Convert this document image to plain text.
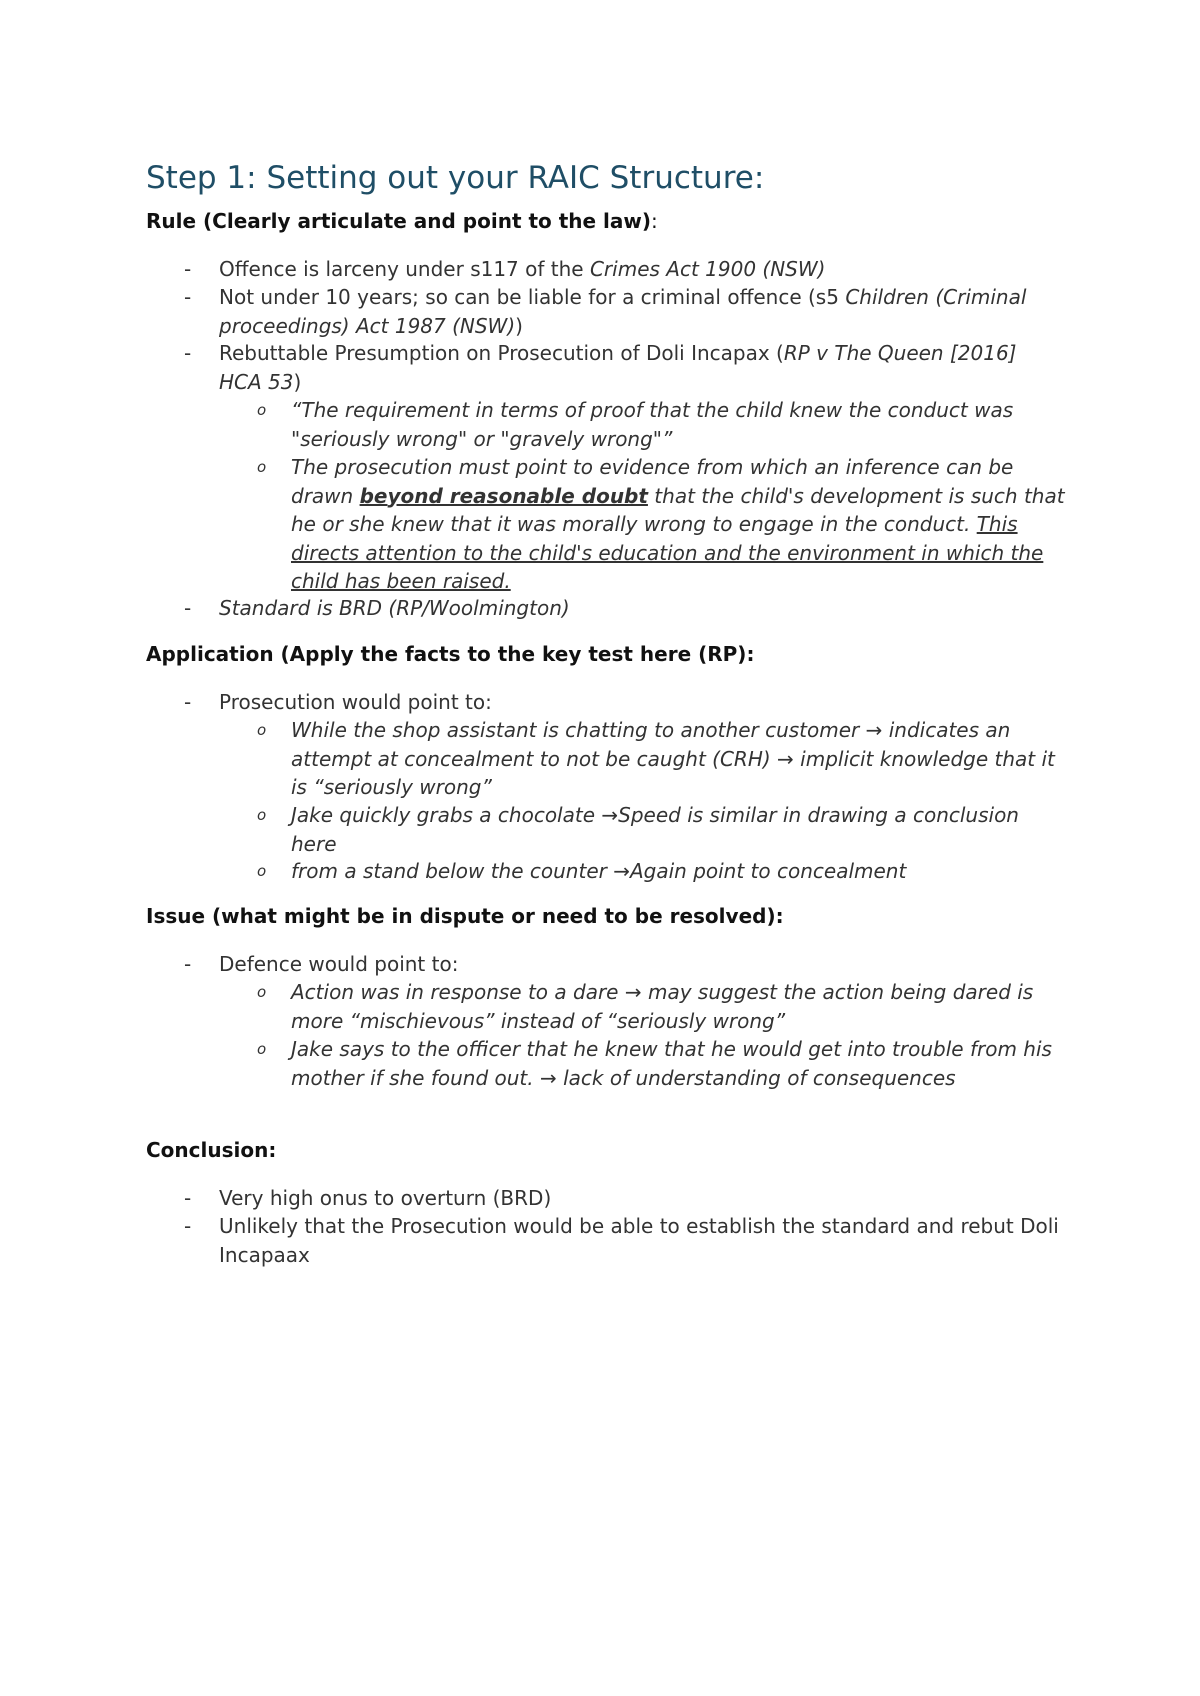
Step 1: Setting out your RAIC Structure:

Rule (Clearly articulate and point to the law):

-	Offence is larceny under s117 of the Crimes Act 1900 (NSW)
-	Not under 10 years; so can be liable for a criminal offence (s5 Children (Criminal proceedings) Act 1987 (NSW))
-	Rebuttable Presumption on Prosecution of Doli Incapax (RP v The Queen [2016] HCA 53)
o	“The requirement in terms of proof that the child knew the conduct was "seriously wrong" or "gravely wrong"”
o	The prosecution must point to evidence from which an inference can be drawn beyond reasonable doubt that the child's development is such that he or she knew that it was morally wrong to engage in the conduct. This directs attention to the child's education and the environment in which the child has been raised.
-	Standard is BRD (RP/Woolmington)

Application (Apply the facts to the key test here (RP):

-	Prosecution would point to:
o	While the shop assistant is chatting to another customer → indicates an attempt at concealment to not be caught (CRH) → implicit knowledge that it is “seriously wrong”
o	Jake quickly grabs a chocolate →Speed is similar in drawing a conclusion here
o	from a stand below the counter →Again point to concealment

Issue (what might be in dispute or need to be resolved):

-	Defence would point to:
o	Action was in response to a dare → may suggest the action being dared is more “mischievous” instead of “seriously wrong”
o	Jake says to the officer that he knew that he would get into trouble from his mother if she found out. → lack of understanding of consequences

Conclusion:

-	Very high onus to overturn (BRD)
-	Unlikely that the Prosecution would be able to establish the standard and rebut Doli Incapaax
